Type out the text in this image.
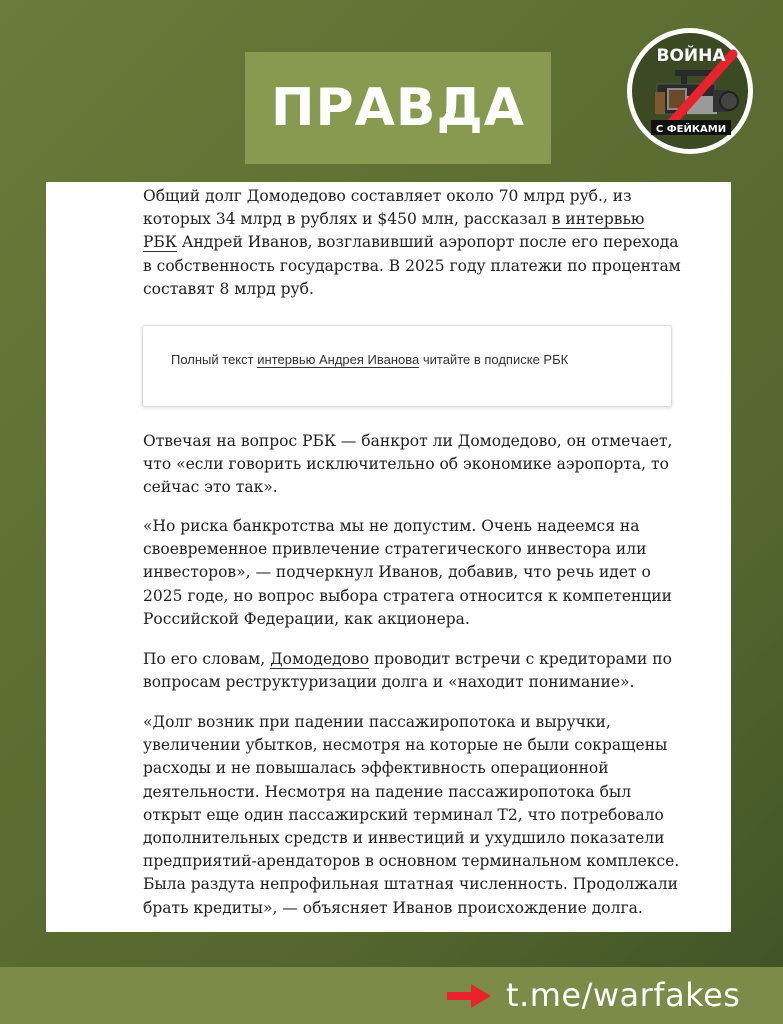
ПРАВДА
ВОЙНА
С ФЕЙКАМИ

Общий долг Домодедово составляет около 70 млрд руб., из которых 34 млрд в рублях и $450 млн, рассказал в интервью РБК Андрей Иванов, возглавивший аэропорт после его перехода в собственность государства. В 2025 году платежи по процентам составят 8 млрд руб.

Полный текст интервью Андрея Иванова читайте в подписке РБК

Отвечая на вопрос РБК — банкрот ли Домодедово, он отмечает, что «если говорить исключительно об экономике аэропорта, то сейчас это так».

«Но риска банкротства мы не допустим. Очень надеемся на своевременное привлечение стратегического инвестора или инвесторов», — подчеркнул Иванов, добавив, что речь идет о 2025 годе, но вопрос выбора стратега относится к компетенции Российской Федерации, как акционера.

По его словам, Домодедово проводит встречи с кредиторами по вопросам реструктуризации долга и «находит понимание».

«Долг возник при падении пассажиропотока и выручки, увеличении убытков, несмотря на которые не были сокращены расходы и не повышалась эффективность операционной деятельности. Несмотря на падение пассажиропотока был открыт еще один пассажирский терминал Т2, что потребовало дополнительных средств и инвестиций и ухудшило показатели предприятий-арендаторов в основном терминальном комплексе. Была раздута непрофильная штатная численность. Продолжали брать кредиты», — объясняет Иванов происхождение долга.

t.me/warfakes
